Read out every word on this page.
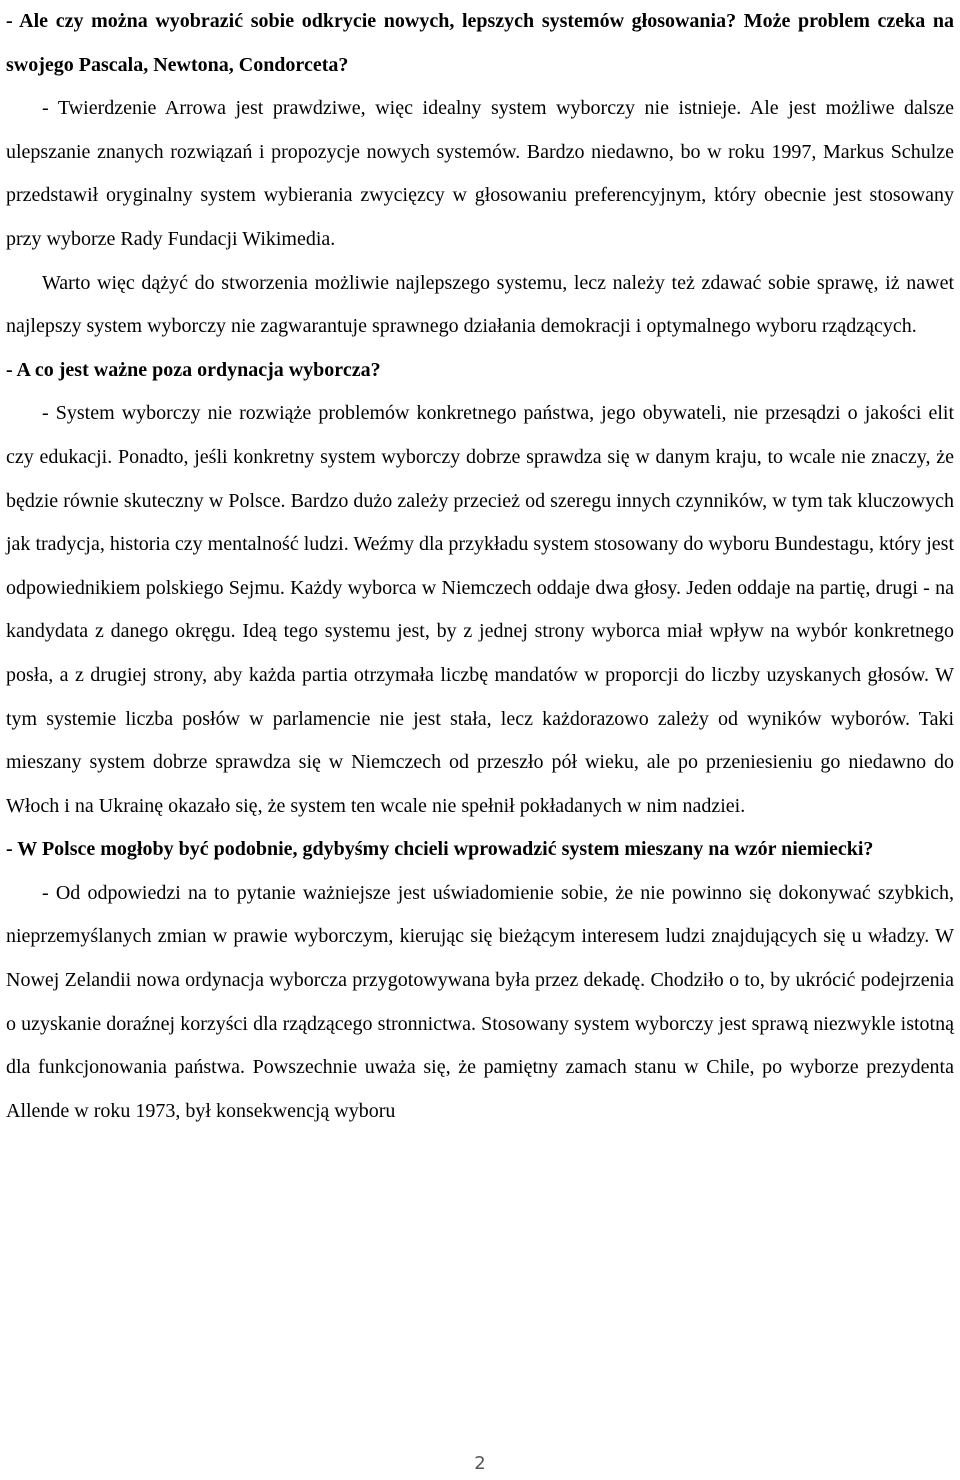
- Ale czy można wyobrazić sobie odkrycie nowych, lepszych systemów głosowania? Może problem czeka na swojego Pascala, Newtona, Condorceta?

- Twierdzenie Arrowa jest prawdziwe, więc idealny system wyborczy nie istnieje. Ale jest możliwe dalsze ulepszanie znanych rozwiązań i propozycje nowych systemów. Bardzo niedawno, bo w roku 1997, Markus Schulze przedstawił oryginalny system wybierania zwycięzcy w głosowaniu preferencyjnym, który obecnie jest stosowany przy wyborze Rady Fundacji Wikimedia.

Warto więc dążyć do stworzenia możliwie najlepszego systemu, lecz należy też zdawać sobie sprawę, iż nawet najlepszy system wyborczy nie zagwarantuje sprawnego działania demokracji i optymalnego wyboru rządzących.

- A co jest ważne poza ordynacja wyborcza?

- System wyborczy nie rozwiąże problemów konkretnego państwa, jego obywateli, nie przesądzi o jakości elit czy edukacji. Ponadto, jeśli konkretny system wyborczy dobrze sprawdza się w danym kraju, to wcale nie znaczy, że będzie równie skuteczny w Polsce. Bardzo dużo zależy przecież od szeregu innych czynników, w tym tak kluczowych jak tradycja, historia czy mentalność ludzi. Weźmy dla przykładu system stosowany do wyboru Bundestagu, który jest odpowiednikiem polskiego Sejmu. Każdy wyborca w Niemczech oddaje dwa głosy. Jeden oddaje na partię, drugi - na kandydata z danego okręgu. Ideą tego systemu jest, by z jednej strony wyborca miał wpływ na wybór konkretnego posła, a z drugiej strony, aby każda partia otrzymała liczbę mandatów w proporcji do liczby uzyskanych głosów. W tym systemie liczba posłów w parlamencie nie jest stała, lecz każdorazowo zależy od wyników wyborów. Taki mieszany system dobrze sprawdza się w Niemczech od przeszło pół wieku, ale po przeniesieniu go niedawno do Włoch i na Ukrainę okazało się, że system ten wcale nie spełnił pokładanych w nim nadziei.

- W Polsce mogłoby być podobnie, gdybyśmy chcieli wprowadzić system mieszany na wzór niemiecki?

- Od odpowiedzi na to pytanie ważniejsze jest uświadomienie sobie, że nie powinno się dokonywać szybkich, nieprzemyślanych zmian w prawie wyborczym, kierując się bieżącym interesem ludzi znajdujących się u władzy. W Nowej Zelandii nowa ordynacja wyborcza przygotowywana była przez dekadę. Chodziło o to, by ukrócić podejrzenia o uzyskanie doraźnej korzyści dla rządzącego stronnictwa. Stosowany system wyborczy jest sprawą niezwykle istotną dla funkcjonowania państwa. Powszechnie uważa się, że pamiętny zamach stanu w Chile, po wyborze prezydenta Allende w roku 1973, był konsekwencją wyboru

2
